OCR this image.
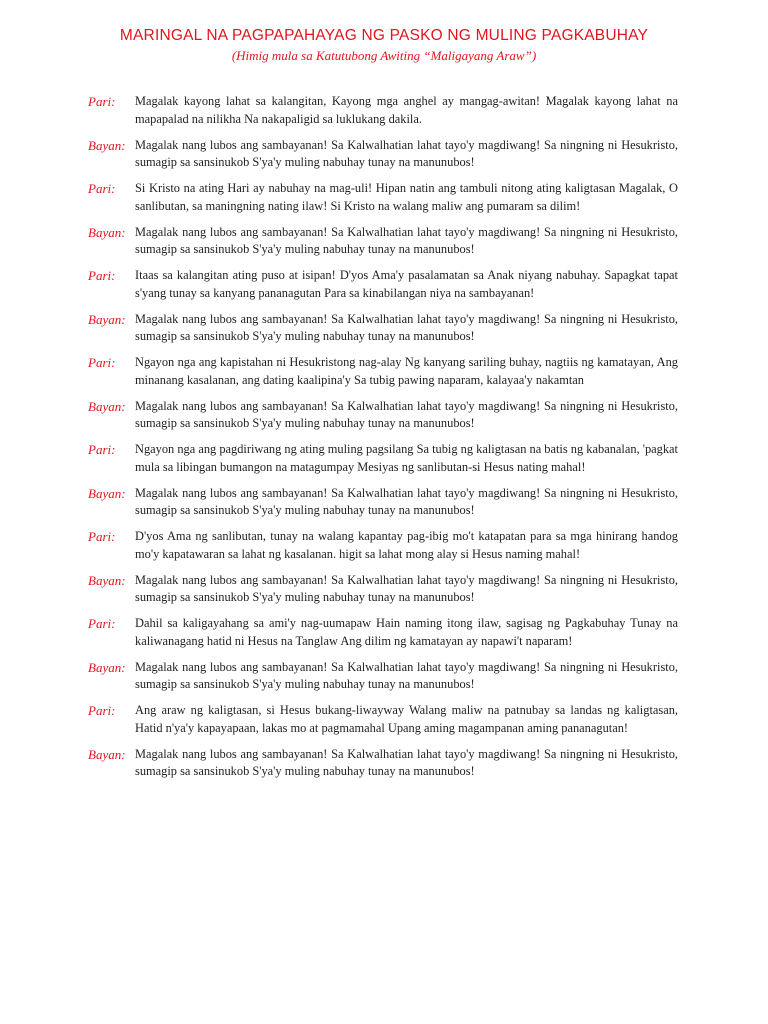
MARINGAL NA PAGPAPAHAYAG NG PASKO NG MULING PAGKABUHAY
(Himig mula sa Katutubong Awiting “Maligayang Araw”)
Pari:	Magalak kayong lahat sa kalangitan, Kayong mga anghel ay mangag-awitan! Magalak kayong lahat na mapapalad na nilikha Na nakapaligid sa luklukang dakila.
Bayan: Magalak nang lubos ang sambayanan! Sa Kalwalhatian lahat tayo'y magdiwang! Sa ningning ni Hesukristo, sumagip sa sansinukob S'ya'y muling nabuhay tunay na manunubos!
Pari:	Si Kristo na ating Hari ay nabuhay na mag-uli! Hipan natin ang tambuli nitong ating kaligtasan Magalak, O sanlibutan, sa maningning nating ilaw! Si Kristo na walang maliw ang pumaram sa dilim!
Bayan: Magalak nang lubos ang sambayanan! Sa Kalwalhatian lahat tayo'y magdiwang! Sa ningning ni Hesukristo, sumagip sa sansinukob S'ya'y muling nabuhay tunay na manunubos!
Pari:	Itaas sa kalangitan ating puso at isipan! D'yos Ama'y pasalamatan sa Anak niyang nabuhay. Sapagkat tapat s'yang tunay sa kanyang pananagutan Para sa kinabilangan niya na sambayanan!
Bayan: Magalak nang lubos ang sambayanan! Sa Kalwalhatian lahat tayo'y magdiwang! Sa ningning ni Hesukristo, sumagip sa sansinukob S'ya'y muling nabuhay tunay na manunubos!
Pari:	Ngayon nga ang kapistahan ni Hesukristong nag-alay Ng kanyang sariling buhay, nagtiis ng kamatayan, Ang minanang kasalanan, ang dating kaalipina'y Sa tubig pawing naparam, kalayaa'y nakamtan
Bayan: Magalak nang lubos ang sambayanan! Sa Kalwalhatian lahat tayo'y magdiwang! Sa ningning ni Hesukristo, sumagip sa sansinukob S'ya'y muling nabuhay tunay na manunubos!
Pari:	Ngayon nga ang pagdiriwang ng ating muling pagsilang Sa tubig ng kaligtasan na batis ng kabanalan, 'pagkat mula sa libingan bumangon na matagumpay Mesiyas ng sanlibutan-si Hesus nating mahal!
Bayan: Magalak nang lubos ang sambayanan! Sa Kalwalhatian lahat tayo'y magdiwang! Sa ningning ni Hesukristo, sumagip sa sansinukob S'ya'y muling nabuhay tunay na manunubos!
Pari:	D'yos Ama ng sanlibutan, tunay na walang kapantay pag-ibig mo't katapatan para sa mga hinirang handog mo'y kapatawaran sa lahat ng kasalanan. higit sa lahat mong alay si Hesus naming mahal!
Bayan: Magalak nang lubos ang sambayanan! Sa Kalwalhatian lahat tayo'y magdiwang! Sa ningning ni Hesukristo, sumagip sa sansinukob S'ya'y muling nabuhay tunay na manunubos!
Pari:	Dahil sa kaligayahang sa ami'y nag-uumapaw Hain naming itong ilaw, sagisag ng Pagkabuhay Tunay na kaliwanagang hatid ni Hesus na Tanglaw Ang dilim ng kamatayan ay napawi't naparam!
Bayan: Magalak nang lubos ang sambayanan! Sa Kalwalhatian lahat tayo'y magdiwang! Sa ningning ni Hesukristo, sumagip sa sansinukob S'ya'y muling nabuhay tunay na manunubos!
Pari:	Ang araw ng kaligtasan, si Hesus bukang-liwayway Walang maliw na patnubay sa landas ng kaligtasan, Hatid n'ya'y kapayapaan, lakas mo at pagmamahal Upang aming magampanan aming pananagutan!
Bayan: Magalak nang lubos ang sambayanan! Sa Kalwalhatian lahat tayo'y magdiwang! Sa ningning ni Hesukristo, sumagip sa sansinukob S'ya'y muling nabuhay tunay na manunubos!
